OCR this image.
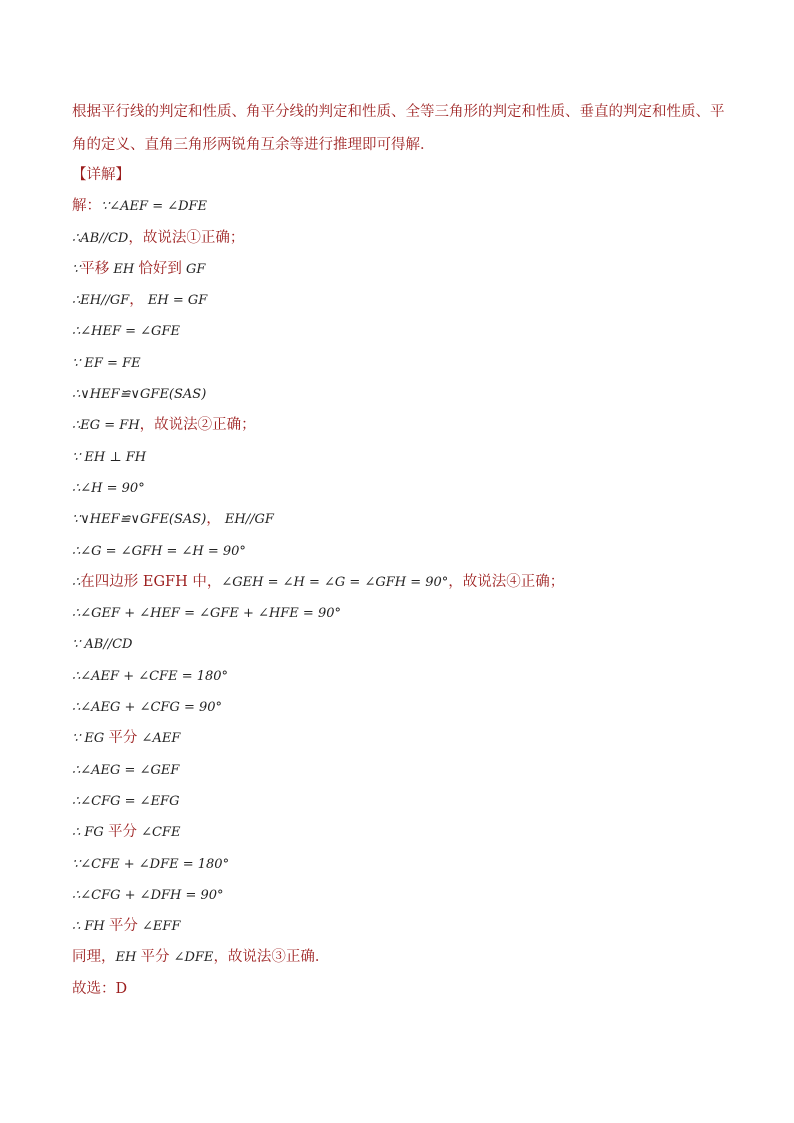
根据平行线的判定和性质、角平分线的判定和性质、全等三角形的判定和性质、垂直的判定和性质、平角的定义、直角三角形两锐角互余等进行推理即可得解．

【详解】
解：∵∠AEF = ∠DFE
∴AB//CD，故说法①正确；
∵平移 EH 恰好到 GF
∴EH//GF， EH = GF
∴∠HEF = ∠GFE
∵ EF = FE
∴∨HEF≌∨GFE(SAS)
∴EG = FH，故说法②正确；
∵ EH ⊥ FH
∴∠H = 90°
∵∨HEF≌∨GFE(SAS)， EH//GF
∴∠G = ∠GFH = ∠H = 90°
∴在四边形 EGFH 中，∠GEH = ∠H = ∠G = ∠GFH = 90°，故说法④正确；
∴∠GEF + ∠HEF = ∠GFE + ∠HFE = 90°
∵ AB//CD
∴∠AEF + ∠CFE = 180°
∴∠AEG + ∠CFG = 90°
∵ EG 平分 ∠AEF
∴∠AEG = ∠GEF
∴∠CFG = ∠EFG
∴ FG 平分 ∠CFE
∵∠CFE + ∠DFE = 180°
∴∠CFG + ∠DFH = 90°
∴ FH 平分 ∠EFF
同理，EH 平分 ∠DFE，故说法③正确．
故选：D
